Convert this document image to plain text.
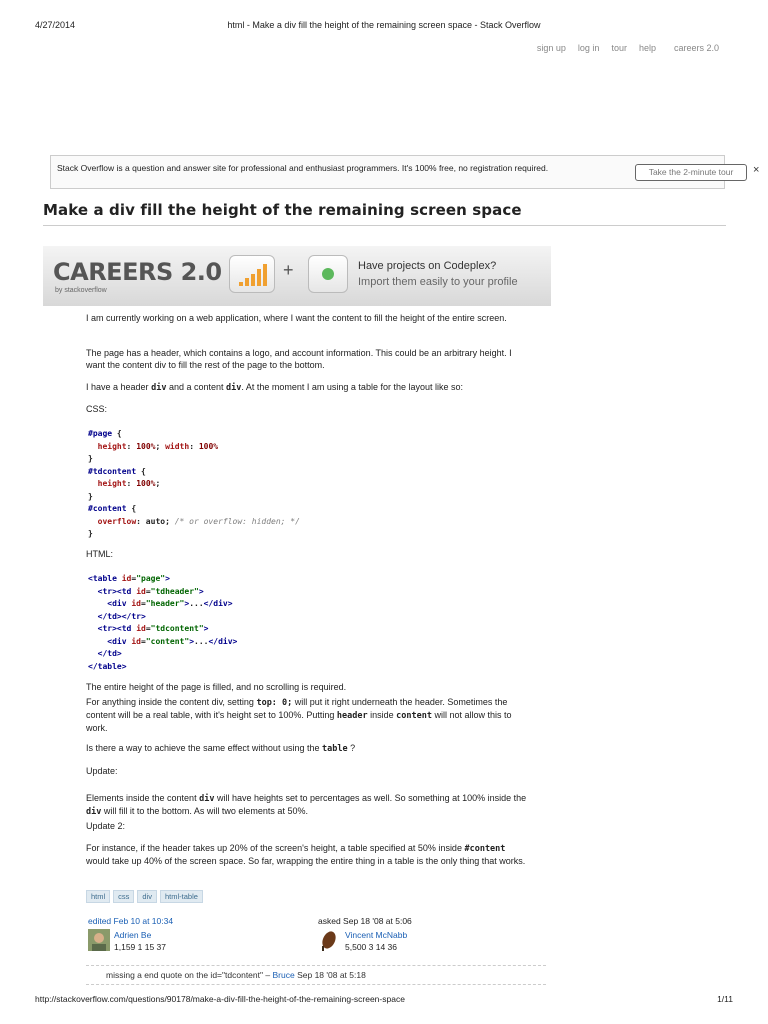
4/27/2014	html - Make a div fill the height of the remaining screen space - Stack Overflow
sign up log in tour help careers 2.0
Stack Overflow is a question and answer site for professional and enthusiast programmers. It's 100% free, no registration required.	Take the 2-minute tour	×
Make a div fill the height of the remaining screen space
CAREERS 2.0
by stackoverflow
+	Have projects on Codeplex?
Import them easily to your profile
I am currently working on a web application, where I want the content to fill the height of the entire screen.
The page has a header, which contains a logo, and account information. This could be an arbitrary height. I want the content div to fill the rest of the page to the bottom.
I have a header div and a content div. At the moment I am using a table for the layout like so:
CSS:
#page {
height: 100%; width: 100%
}
#tdcontent {
height: 100%;
}
#content {
overflow: auto; /* or overflow: hidden; */
}
HTML:
<table id="page">
<tr><td id="tdheader">
<div id="header">...</div>
</td></tr>
<tr><td id="tdcontent">
<div id="content">...</div>
</td>
</table>
The entire height of the page is filled, and no scrolling is required.
For anything inside the content div, setting top: 0; will put it right underneath the header. Sometimes the content will be a real table, with it's height set to 100%. Putting header inside content will not allow this to work.
Is there a way to achieve the same effect without using the table ?
Update:
Elements inside the content div will have heights set to percentages as well. So something at 100% inside the div will fill it to the bottom. As will two elements at 50%.
Update 2:
For instance, if the header takes up 20% of the screen's height, a table specified at 50% inside #content would take up 40% of the screen space. So far, wrapping the entire thing in a table is the only thing that works.
html css div html-table
edited Feb 10 at 10:34
Adrien Be
1,159 1 15 37
asked Sep 18 '08 at 5:06
Vincent McNabb
5,500 3 14 36
missing a end quote on the id="tdcontent" – Bruce Sep 18 '08 at 5:18
http://stackoverflow.com/questions/90178/make-a-div-fill-the-height-of-the-remaining-screen-space	1/11
